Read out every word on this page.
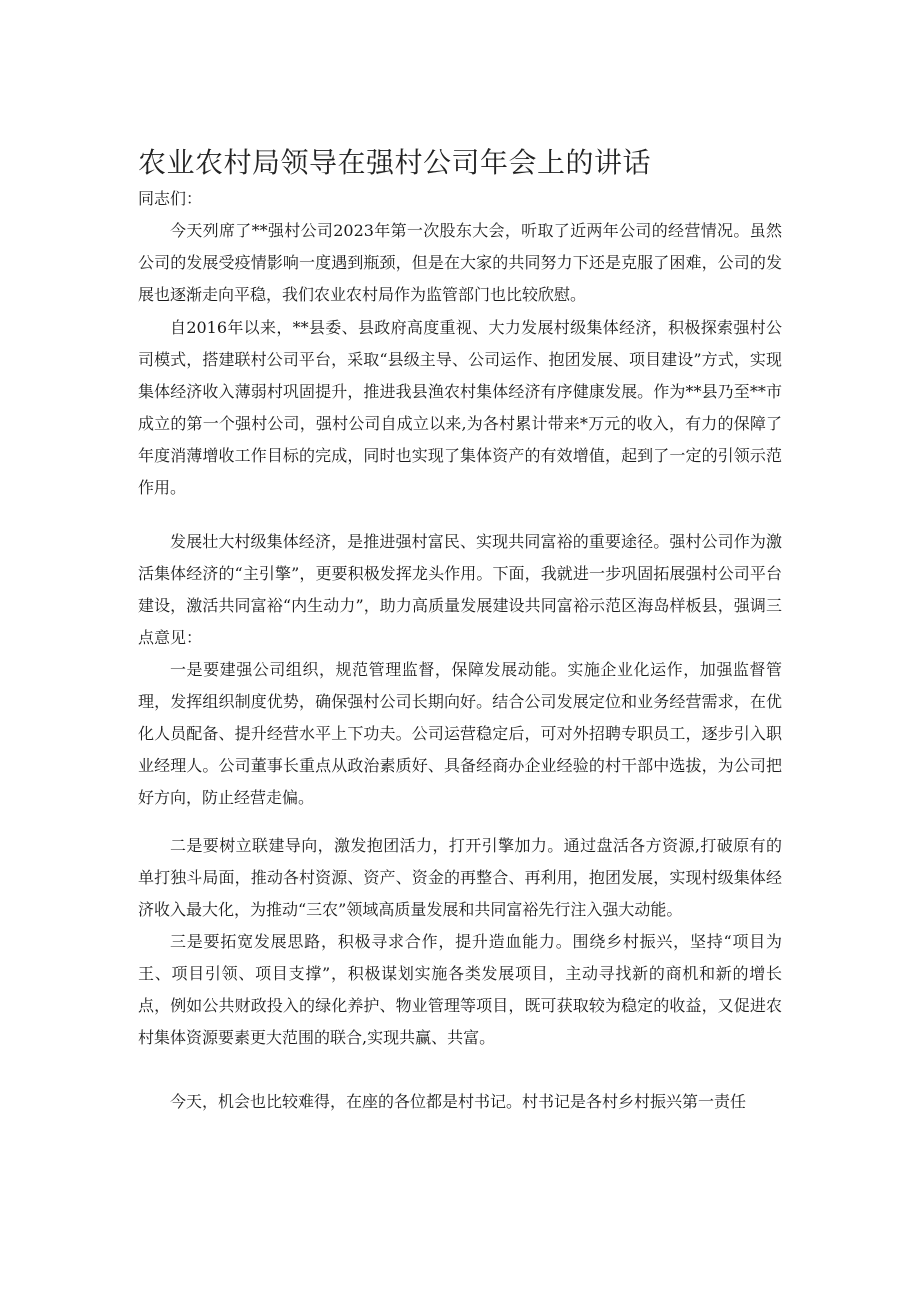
农业农村局领导在强村公司年会上的讲话
同志们：

今天列席了**强村公司2023年第一次股东大会，听取了近两年公司的经营情况。虽然公司的发展受疫情影响一度遇到瓶颈，但是在大家的共同努力下还是克服了困难，公司的发展也逐渐走向平稳，我们农业农村局作为监管部门也比较欣慰。

自2016年以来，**县委、县政府高度重视、大力发展村级集体经济，积极探索强村公司模式，搭建联村公司平台，采取“县级主导、公司运作、抱团发展、项目建设”方式，实现集体经济收入薄弱村巩固提升，推进我县渔农村集体经济有序健康发展。作为**县乃至**市成立的第一个强村公司，强村公司自成立以来,为各村累计带来*万元的收入，有力的保障了年度消薄增收工作目标的完成，同时也实现了集体资产的有效增值，起到了一定的引领示范作用。

发展壮大村级集体经济，是推进强村富民、实现共同富裕的重要途径。强村公司作为激活集体经济的“主引擎”，更要积极发挥龙头作用。下面，我就进一步巩固拓展强村公司平台建设，激活共同富裕“内生动力”，助力高质量发展建设共同富裕示范区海岛样板县，强调三点意见：

一是要建强公司组织，规范管理监督，保障发展动能。实施企业化运作，加强监督管理，发挥组织制度优势，确保强村公司长期向好。结合公司发展定位和业务经营需求，在优化人员配备、提升经营水平上下功夫。公司运营稳定后，可对外招聘专职员工，逐步引入职业经理人。公司董事长重点从政治素质好、具备经商办企业经验的村干部中选拔，为公司把好方向，防止经营走偏。

二是要树立联建导向，激发抱团活力，打开引擎加力。通过盘活各方资源,打破原有的单打独斗局面，推动各村资源、资产、资金的再整合、再利用，抱团发展，实现村级集体经济收入最大化，为推动“三农”领域高质量发展和共同富裕先行注入强大动能。

三是要拓宽发展思路，积极寻求合作，提升造血能力。围绕乡村振兴，坚持“项目为王、项目引领、项目支撑”，积极谋划实施各类发展项目，主动寻找新的商机和新的增长点，例如公共财政投入的绿化养护、物业管理等项目，既可获取较为稳定的收益，又促进农村集体资源要素更大范围的联合,实现共赢、共富。

今天，机会也比较难得，在座的各位都是村书记。村书记是各村乡村振兴第一责任
